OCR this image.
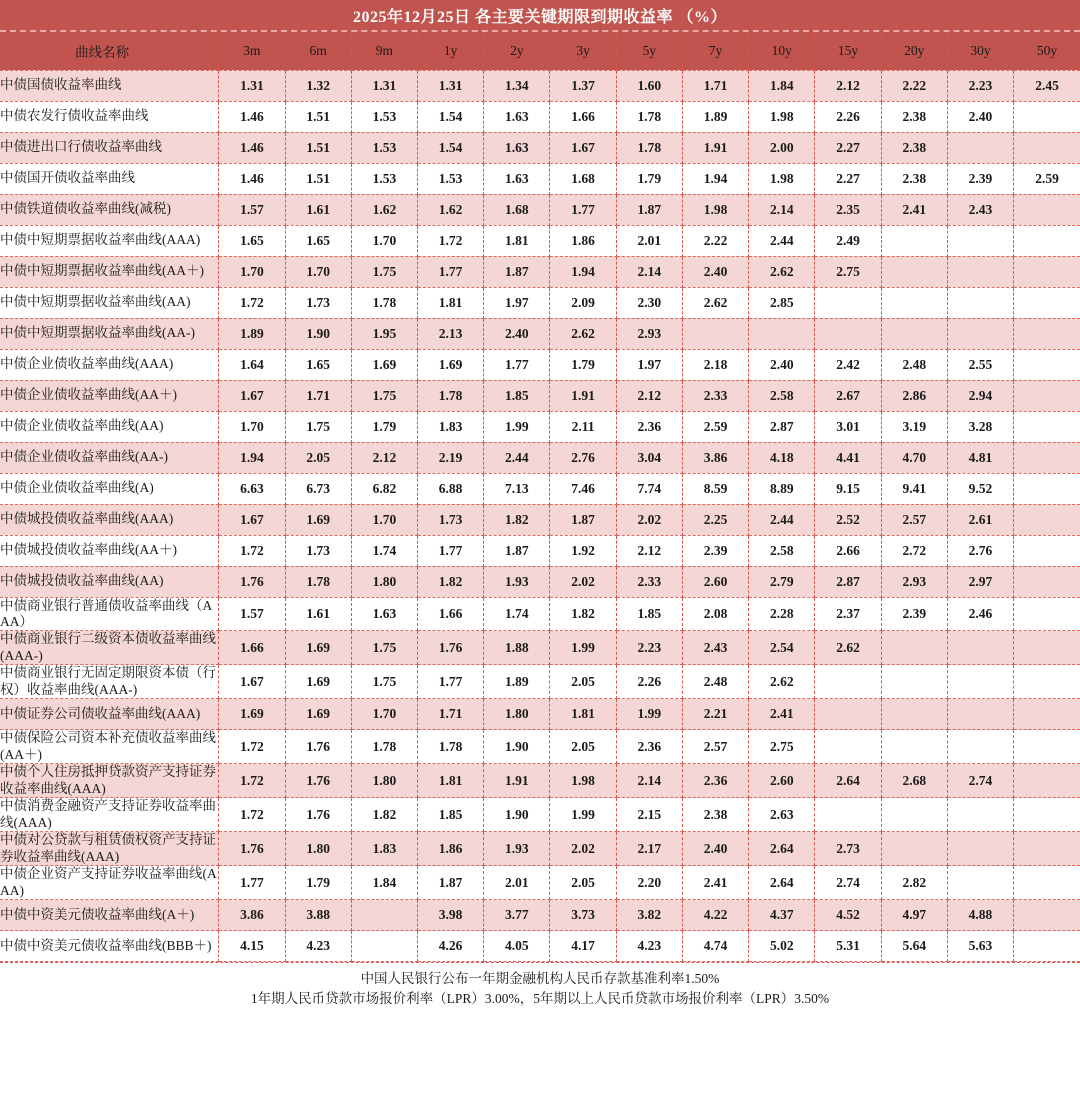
2025年12月25日 各主要关键期限到期收益率 （%）
曲线名称	3m	6m	9m	1y	2y	3y	5y	7y	10y	15y	20y	30y	50y
中债国债收益率曲线	1.31	1.32	1.31	1.31	1.34	1.37	1.60	1.71	1.84	2.12	2.22	2.23	2.45
中债农发行债收益率曲线	1.46	1.51	1.53	1.54	1.63	1.66	1.78	1.89	1.98	2.26	2.38	2.40	
中债进出口行债收益率曲线	1.46	1.51	1.53	1.54	1.63	1.67	1.78	1.91	2.00	2.27	2.38		
中债国开债收益率曲线	1.46	1.51	1.53	1.53	1.63	1.68	1.79	1.94	1.98	2.27	2.38	2.39	2.59
中债铁道债收益率曲线(减税)	1.57	1.61	1.62	1.62	1.68	1.77	1.87	1.98	2.14	2.35	2.41	2.43	
中债中短期票据收益率曲线(AAA)	1.65	1.65	1.70	1.72	1.81	1.86	2.01	2.22	2.44	2.49			
中债中短期票据收益率曲线(AA＋)	1.70	1.70	1.75	1.77	1.87	1.94	2.14	2.40	2.62	2.75			
中债中短期票据收益率曲线(AA)	1.72	1.73	1.78	1.81	1.97	2.09	2.30	2.62	2.85				
中债中短期票据收益率曲线(AA-)	1.89	1.90	1.95	2.13	2.40	2.62	2.93						
中债企业债收益率曲线(AAA)	1.64	1.65	1.69	1.69	1.77	1.79	1.97	2.18	2.40	2.42	2.48	2.55	
中债企业债收益率曲线(AA＋)	1.67	1.71	1.75	1.78	1.85	1.91	2.12	2.33	2.58	2.67	2.86	2.94	
中债企业债收益率曲线(AA)	1.70	1.75	1.79	1.83	1.99	2.11	2.36	2.59	2.87	3.01	3.19	3.28	
中债企业债收益率曲线(AA-)	1.94	2.05	2.12	2.19	2.44	2.76	3.04	3.86	4.18	4.41	4.70	4.81	
中债企业债收益率曲线(A)	6.63	6.73	6.82	6.88	7.13	7.46	7.74	8.59	8.89	9.15	9.41	9.52	
中债城投债收益率曲线(AAA)	1.67	1.69	1.70	1.73	1.82	1.87	2.02	2.25	2.44	2.52	2.57	2.61	
中债城投债收益率曲线(AA＋)	1.72	1.73	1.74	1.77	1.87	1.92	2.12	2.39	2.58	2.66	2.72	2.76	
中债城投债收益率曲线(AA)	1.76	1.78	1.80	1.82	1.93	2.02	2.33	2.60	2.79	2.87	2.93	2.97	
中债商业银行普通债收益率曲线（AAA）	1.57	1.61	1.63	1.66	1.74	1.82	1.85	2.08	2.28	2.37	2.39	2.46	
中债商业银行二级资本债收益率曲线(AAA-)	1.66	1.69	1.75	1.76	1.88	1.99	2.23	2.43	2.54	2.62			
中债商业银行无固定期限资本债（行权）收益率曲线(AAA-)	1.67	1.69	1.75	1.77	1.89	2.05	2.26	2.48	2.62				
中债证券公司债收益率曲线(AAA)	1.69	1.69	1.70	1.71	1.80	1.81	1.99	2.21	2.41				
中债保险公司资本补充债收益率曲线(AA＋)	1.72	1.76	1.78	1.78	1.90	2.05	2.36	2.57	2.75				
中债个人住房抵押贷款资产支持证券收益率曲线(AAA)	1.72	1.76	1.80	1.81	1.91	1.98	2.14	2.36	2.60	2.64	2.68	2.74	
中债消费金融资产支持证券收益率曲线(AAA)	1.72	1.76	1.82	1.85	1.90	1.99	2.15	2.38	2.63				
中债对公贷款与租赁债权资产支持证券收益率曲线(AAA)	1.76	1.80	1.83	1.86	1.93	2.02	2.17	2.40	2.64	2.73			
中债企业资产支持证券收益率曲线(AAA)	1.77	1.79	1.84	1.87	2.01	2.05	2.20	2.41	2.64	2.74	2.82		
中债中资美元债收益率曲线(A＋)	3.86	3.88		3.98	3.77	3.73	3.82	4.22	4.37	4.52	4.97	4.88	
中债中资美元债收益率曲线(BBB＋)	4.15	4.23		4.26	4.05	4.17	4.23	4.74	5.02	5.31	5.64	5.63	
中国人民银行公布一年期金融机构人民币存款基准利率1.50%
1年期人民币贷款市场报价利率（LPR）3.00%，5年期以上人民币贷款市场报价利率（LPR）3.50%
